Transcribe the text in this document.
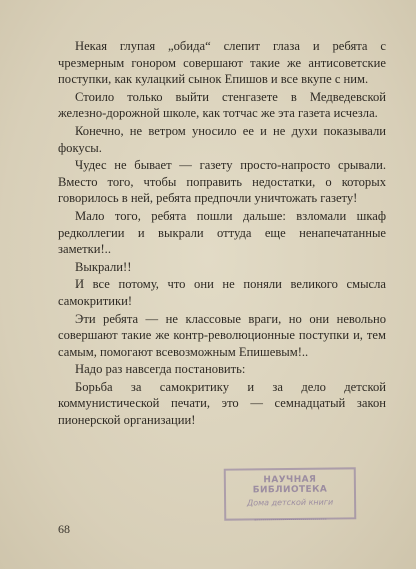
Некая глупая „обида“ слепит глаза и ребята с чрезмерным гонором совершают такие же антисоветские поступки, как кулацкий сынок Епишов и все вкупе с ним.

Стоило только выйти стенгазете в Медведевской железно-дорожной школе, как тотчас же эта газета исчезла.

Конечно, не ветром уносило ее и не духи показывали фокусы.

Чудес не бывает — газету просто-напросто срывали. Вместо того, чтобы поправить недостатки, о которых говорилось в ней, ребята предпочли уничтожать газету!

Мало того, ребята пошли дальше: взломали шкаф редколлегии и выкрали оттуда еще ненапечатанные заметки!..

Выкрали!!

И все потому, что они не поняли великого смысла самокритики!

Эти ребята — не классовые враги, но они невольно совершают такие же контр-революционные поступки и, тем самым, помогают всевозможным Епишевым!..

Надо раз навсегда постановить:

Борьба за самокритику и за дело детской коммунистической печати, это — семнадцатый закон пионерской организации!

НАУЧНАЯ БИБЛИОТЕКА
Дома детской книги
68
